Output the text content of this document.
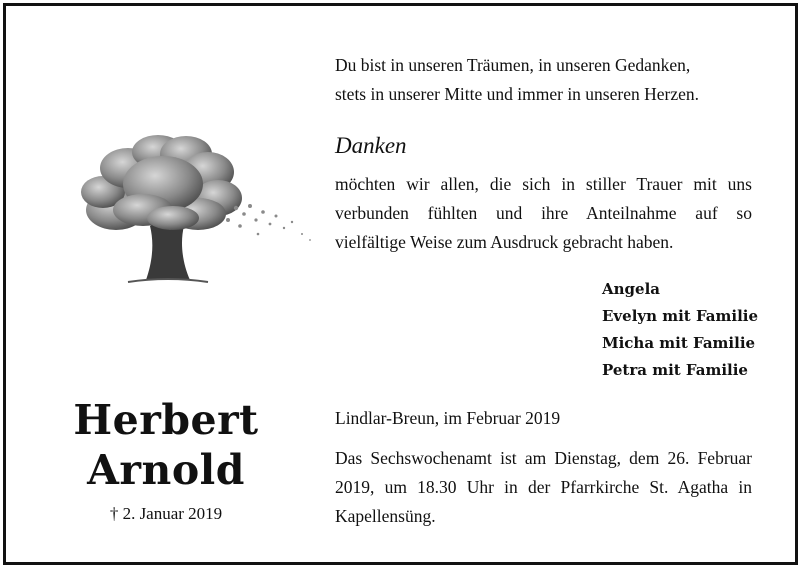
Herbert
Arnold
† 2. Januar 2019
Du bist in unseren Träumen, in unseren Gedanken,
stets in unserer Mitte und immer in unseren Herzen.
Danken
möchten wir allen, die sich in stiller Trauer mit uns
verbunden fühlten und ihre Anteilnahme auf so
vielfältige Weise zum Ausdruck gebracht haben.
Angela
Evelyn mit Familie
Micha mit Familie
Petra mit Familie
Lindlar-Breun, im Februar 2019
Das Sechswochenamt ist am Dienstag, dem 26. Februar
2019, um 18.30 Uhr in der Pfarrkirche St. Agatha in
Kapellensüng.
